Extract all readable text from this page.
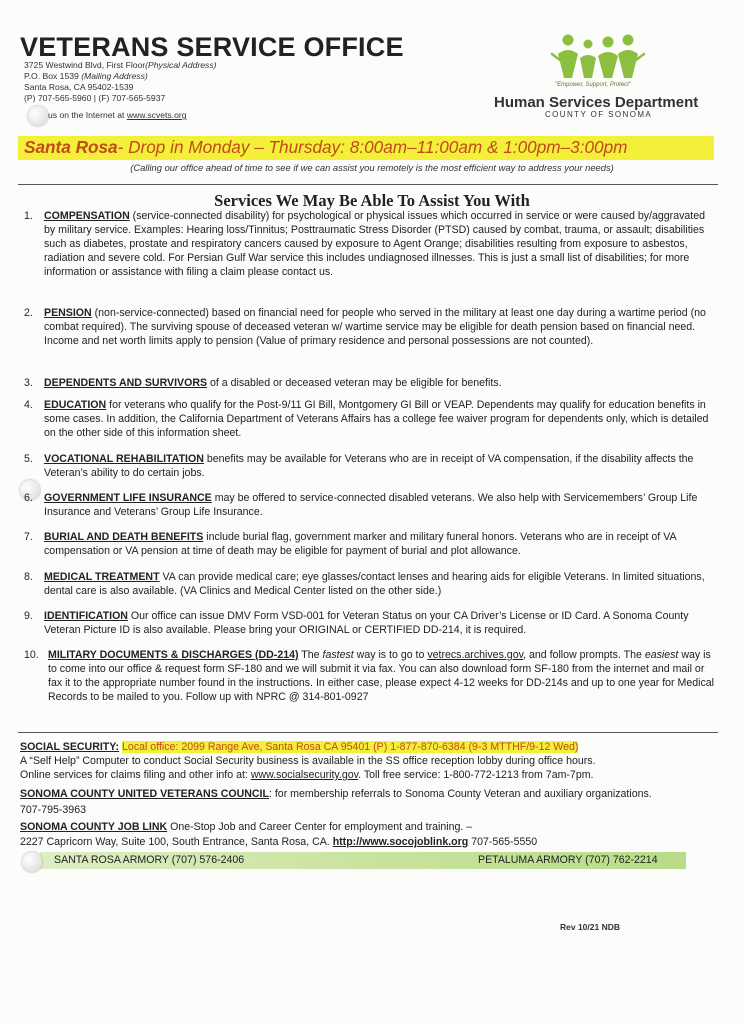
VETERANS SERVICE OFFICE
3725 Westwind Blvd, First Floor(Physical Address)
P.O. Box 1539 (Mailing Address)
Santa Rosa, CA 95402-1539
(P) 707-565-5960 | (F) 707-565-5937
us on the Internet at www.scvets.org
"Empower, Support, Protect"
Human Services Department
COUNTY OF SONOMA
Santa Rosa- Drop in Monday – Thursday: 8:00am–11:00am & 1:00pm–3:00pm
(Calling our office ahead of time to see if we can assist you remotely is the most efficient way to address your needs)
Services We May Be Able To Assist You With
1. COMPENSATION (service-connected disability) for psychological or physical issues which occurred in service or were caused by/aggravated by military service. Examples: Hearing loss/Tinnitus; Posttraumatic Stress Disorder (PTSD) caused by combat, trauma, or assault; disabilities such as diabetes, prostate and respiratory cancers caused by exposure to Agent Orange; disabilities resulting from exposure to asbestos, radiation and severe cold. For Persian Gulf War service this includes undiagnosed illnesses. This is just a small list of disabilities; for more information or assistance with filing a claim please contact us.
2. PENSION (non-service-connected) based on financial need for people who served in the military at least one day during a wartime period (no combat required). The surviving spouse of deceased veteran w/ wartime service may be eligible for death pension based on financial need. Income and net worth limits apply to pension (Value of primary residence and personal possessions are not counted).
3. DEPENDENTS AND SURVIVORS of a disabled or deceased veteran may be eligible for benefits.
4. EDUCATION for veterans who qualify for the Post-9/11 GI Bill, Montgomery GI Bill or VEAP. Dependents may qualify for education benefits in some cases. In addition, the California Department of Veterans Affairs has a college fee waiver program for dependents only, which is detailed on the other side of this information sheet.
5. VOCATIONAL REHABILITATION benefits may be available for Veterans who are in receipt of VA compensation, if the disability affects the Veteran’s ability to do certain jobs.
6. GOVERNMENT LIFE INSURANCE may be offered to service-connected disabled veterans. We also help with Servicemembers’ Group Life Insurance and Veterans’ Group Life Insurance.
7. BURIAL AND DEATH BENEFITS include burial flag, government marker and military funeral honors. Veterans who are in receipt of VA compensation or VA pension at time of death may be eligible for payment of burial and plot allowance.
8. MEDICAL TREATMENT VA can provide medical care; eye glasses/contact lenses and hearing aids for eligible Veterans. In limited situations, dental care is also available. (VA Clinics and Medical Center listed on the other side.)
9. IDENTIFICATION Our office can issue DMV Form VSD-001 for Veteran Status on your CA Driver’s License or ID Card. A Sonoma County Veteran Picture ID is also available. Please bring your ORIGINAL or CERTIFIED DD-214, it is required.
10. MILITARY DOCUMENTS & DISCHARGES (DD-214) The fastest way is to go to vetrecs.archives.gov, and follow prompts. The easiest way is to come into our office & request form SF-180 and we will submit it via fax. You can also download form SF-180 from the internet and mail or fax it to the appropriate number found in the instructions. In either case, please expect 4-12 weeks for DD-214s and up to one year for Medical Records to be mailed to you. Follow up with NPRC @ 314-801-0927
SOCIAL SECURITY: Local office: 2099 Range Ave, Santa Rosa CA 95401 (P) 1-877-870-6384 (9-3 MTTHF/9-12 Wed)
A “Self Help” Computer to conduct Social Security business is available in the SS office reception lobby during office hours.
Online services for claims filing and other info at: www.socialsecurity.gov. Toll free service: 1-800-772-1213 from 7am-7pm.
SONOMA COUNTY UNITED VETERANS COUNCIL: for membership referrals to Sonoma County Veteran and auxiliary organizations.
707-795-3963
SONOMA COUNTY JOB LINK One-Stop Job and Career Center for employment and training. –
2227 Capricorn Way, Suite 100, South Entrance, Santa Rosa, CA. http://www.socojoblink.org 707-565-5550
SANTA ROSA ARMORY (707) 576-2406	PETALUMA ARMORY (707) 762-2214
Rev 10/21 NDB
